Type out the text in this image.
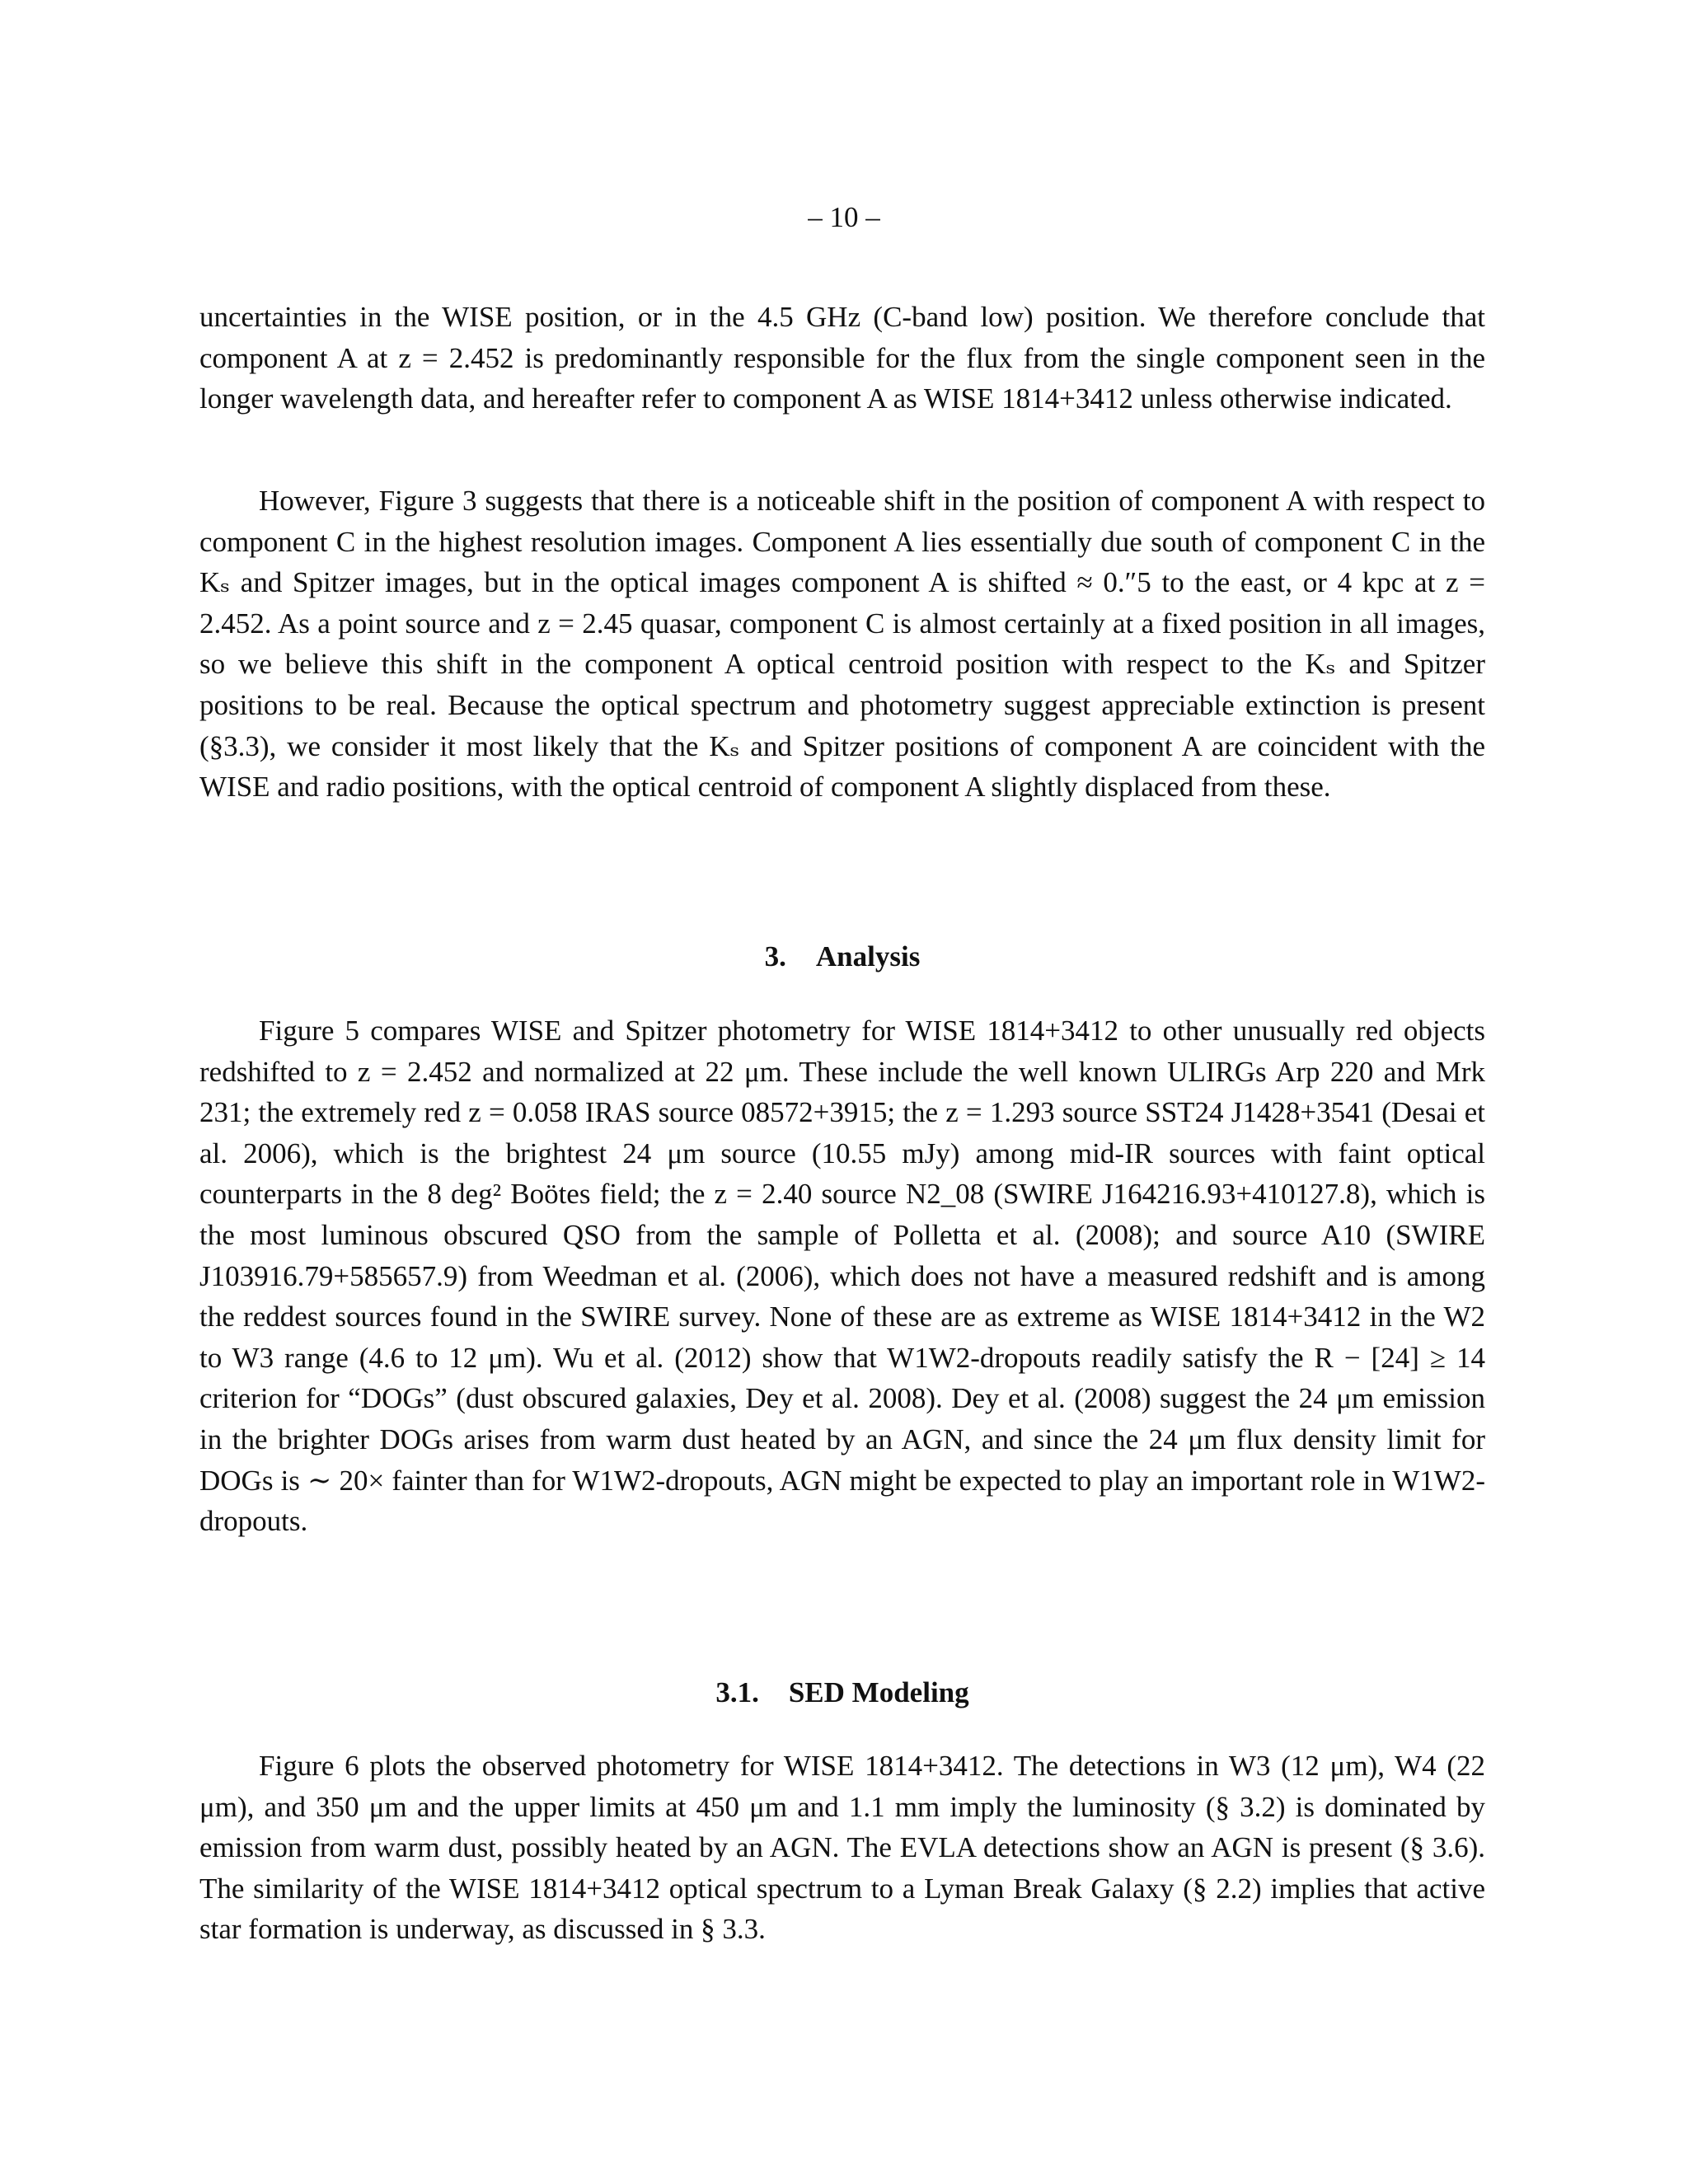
– 10 –

uncertainties in the WISE position, or in the 4.5 GHz (C-band low) position. We therefore conclude that component A at z = 2.452 is predominantly responsible for the flux from the single component seen in the longer wavelength data, and hereafter refer to component A as WISE 1814+3412 unless otherwise indicated.

However, Figure 3 suggests that there is a noticeable shift in the position of component A with respect to component C in the highest resolution images. Component A lies essentially due south of component C in the Kₛ and Spitzer images, but in the optical images component A is shifted ≈ 0.″5 to the east, or 4 kpc at z = 2.452. As a point source and z = 2.45 quasar, component C is almost certainly at a fixed position in all images, so we believe this shift in the component A optical centroid position with respect to the Kₛ and Spitzer positions to be real. Because the optical spectrum and photometry suggest appreciable extinction is present (§3.3), we consider it most likely that the Kₛ and Spitzer positions of component A are coincident with the WISE and radio positions, with the optical centroid of component A slightly displaced from these.

3. Analysis

Figure 5 compares WISE and Spitzer photometry for WISE 1814+3412 to other unusually red objects redshifted to z = 2.452 and normalized at 22 μm. These include the well known ULIRGs Arp 220 and Mrk 231; the extremely red z = 0.058 IRAS source 08572+3915; the z = 1.293 source SST24 J1428+3541 (Desai et al. 2006), which is the brightest 24 μm source (10.55 mJy) among mid-IR sources with faint optical counterparts in the 8 deg² Boötes field; the z = 2.40 source N2_08 (SWIRE J164216.93+410127.8), which is the most luminous obscured QSO from the sample of Polletta et al. (2008); and source A10 (SWIRE J103916.79+585657.9) from Weedman et al. (2006), which does not have a measured redshift and is among the reddest sources found in the SWIRE survey. None of these are as extreme as WISE 1814+3412 in the W2 to W3 range (4.6 to 12 μm). Wu et al. (2012) show that W1W2-dropouts readily satisfy the R − [24] ≥ 14 criterion for “DOGs” (dust obscured galaxies, Dey et al. 2008). Dey et al. (2008) suggest the 24 μm emission in the brighter DOGs arises from warm dust heated by an AGN, and since the 24 μm flux density limit for DOGs is ∼ 20× fainter than for W1W2-dropouts, AGN might be expected to play an important role in W1W2-dropouts.

3.1. SED Modeling

Figure 6 plots the observed photometry for WISE 1814+3412. The detections in W3 (12 μm), W4 (22 μm), and 350 μm and the upper limits at 450 μm and 1.1 mm imply the luminosity (§ 3.2) is dominated by emission from warm dust, possibly heated by an AGN. The EVLA detections show an AGN is present (§ 3.6). The similarity of the WISE 1814+3412 optical spectrum to a Lyman Break Galaxy (§ 2.2) implies that active star formation is underway, as discussed in § 3.3.
